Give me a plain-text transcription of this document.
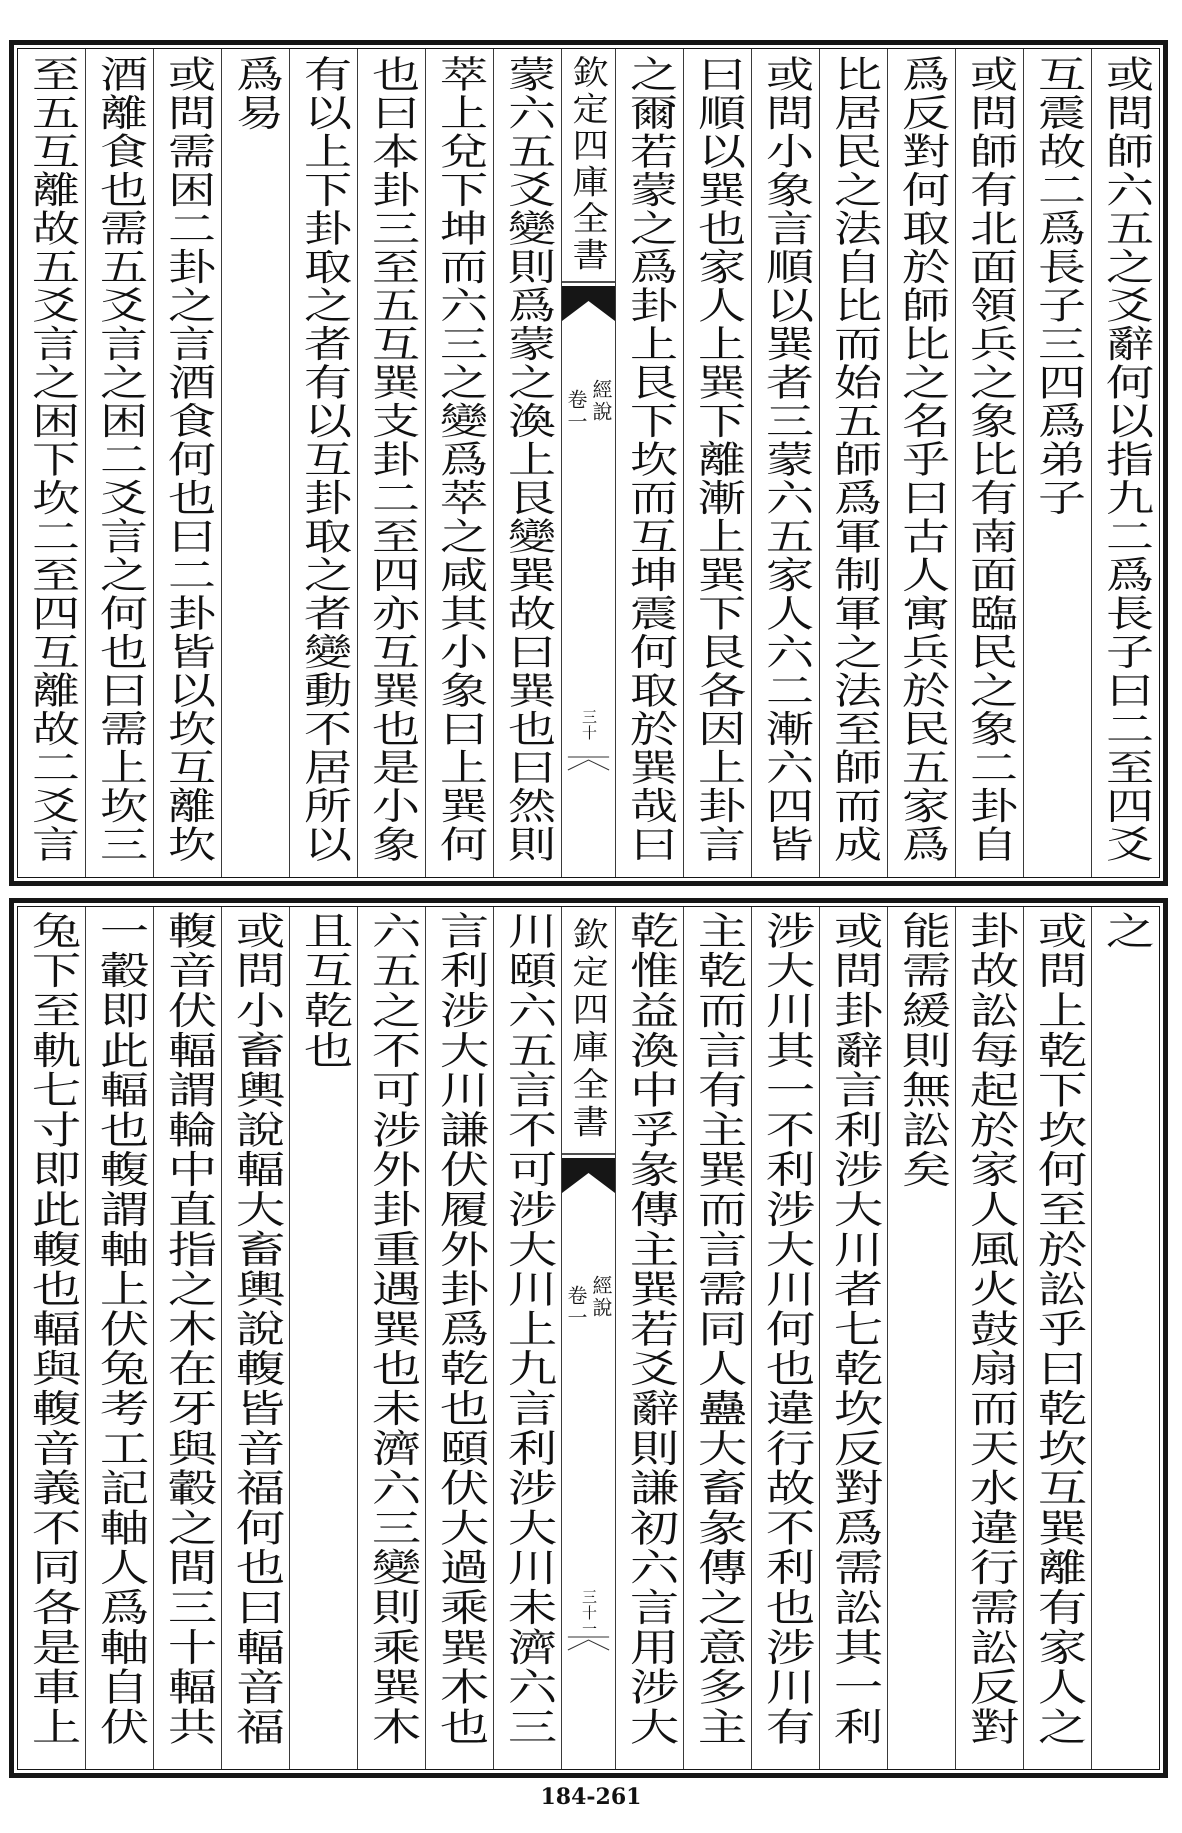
或問師六五之爻辭何以指九二爲長子曰二至四爻
互震故二爲長子三四爲弟子
或問師有北面領兵之象比有南面臨民之象二卦自
爲反對何取於師比之名乎曰古人寓兵於民五家爲
比居民之法自比而始五師爲軍制軍之法至師而成
或問小象言順以巽者三蒙六五家人六二漸六四皆
曰順以巽也家人上巽下離漸上巽下艮各因上卦言
之爾若蒙之爲卦上艮下坎而互坤震何取於巽哉曰
欽定四庫全書
經說
卷一
三十
蒙六五爻變則爲蒙之渙上艮變巽故曰巽也曰然則
萃上兌下坤而六三之變爲萃之咸其小象曰上巽何
也曰本卦三至五互巽支卦二至四亦互巽也是小象
有以上下卦取之者有以互卦取之者變動不居所以
爲易
或問需困二卦之言酒食何也曰二卦皆以坎互離坎
酒離食也需五爻言之困二爻言之何也曰需上坎三
至五互離故五爻言之困下坎二至四互離故二爻言
之
或問上乾下坎何至於訟乎曰乾坎互巽離有家人之
卦故訟每起於家人風火鼓扇而天水違行需訟反對
能需緩則無訟矣
或問卦辭言利涉大川者七乾坎反對爲需訟其一利
涉大川其一不利涉大川何也違行故不利也涉川有
主乾而言有主巽而言需同人蠱大畜彖傳之意多主
乾惟益渙中孚彖傳主巽若爻辭則謙初六言用涉大
欽定四庫全書
經說
卷一
三十一
川頤六五言不可涉大川上九言利涉大川未濟六三
言利涉大川謙伏履外卦爲乾也頤伏大過乘巽木也
六五之不可涉外卦重遇巽也未濟六三變則乘巽木
且互乾也
或問小畜輿說輻大畜輿說輹皆音福何也曰輻音福
輹音伏輻謂輪中直指之木在牙與轂之間三十輻共
一轂即此輻也輹謂軸上伏兔考工記軸人爲軸自伏
兔下至軌七寸即此輹也輻與輹音義不同各是車上
184-261
